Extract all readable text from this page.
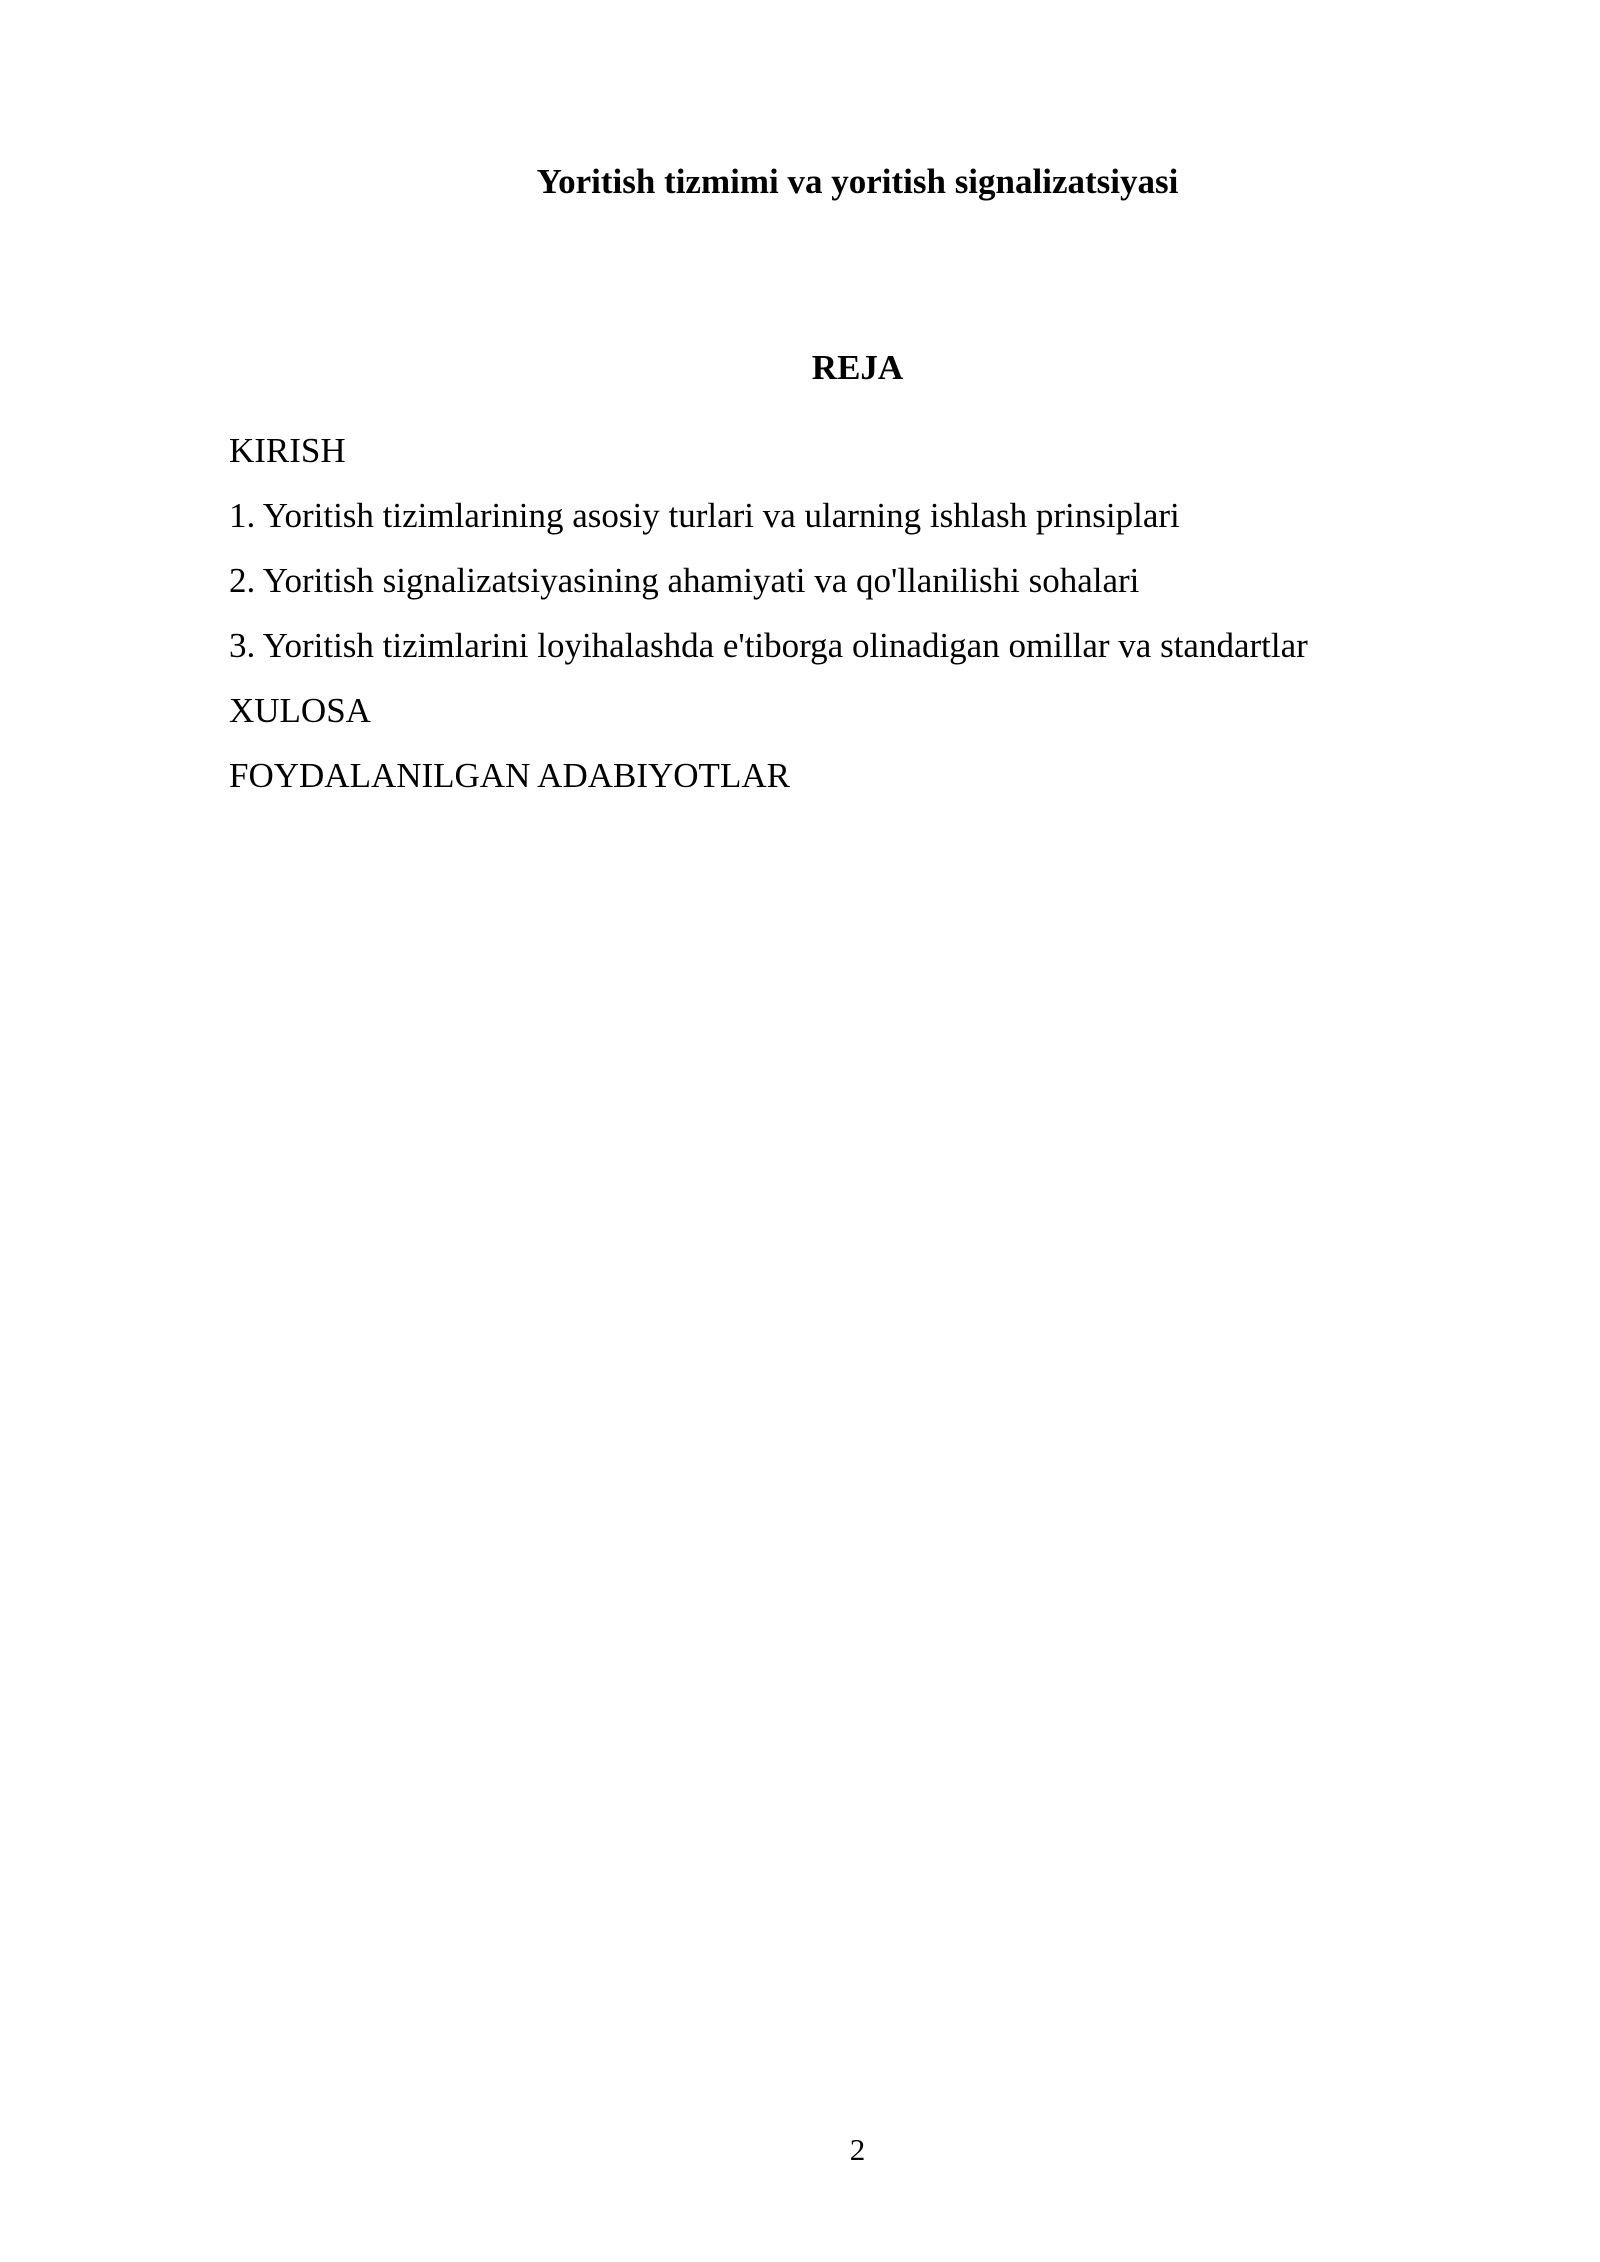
Yoritish tizmimi va yoritish signalizatsiyasi
REJA
KIRISH
1. Yoritish tizimlarining asosiy turlari va ularning ishlash prinsiplari
2. Yoritish signalizatsiyasining ahamiyati va qo'llanilishi sohalari
3. Yoritish tizimlarini loyihalashda e'tiborga olinadigan omillar va standartlar
XULOSA
FOYDALANILGAN ADABIYOTLAR

2
